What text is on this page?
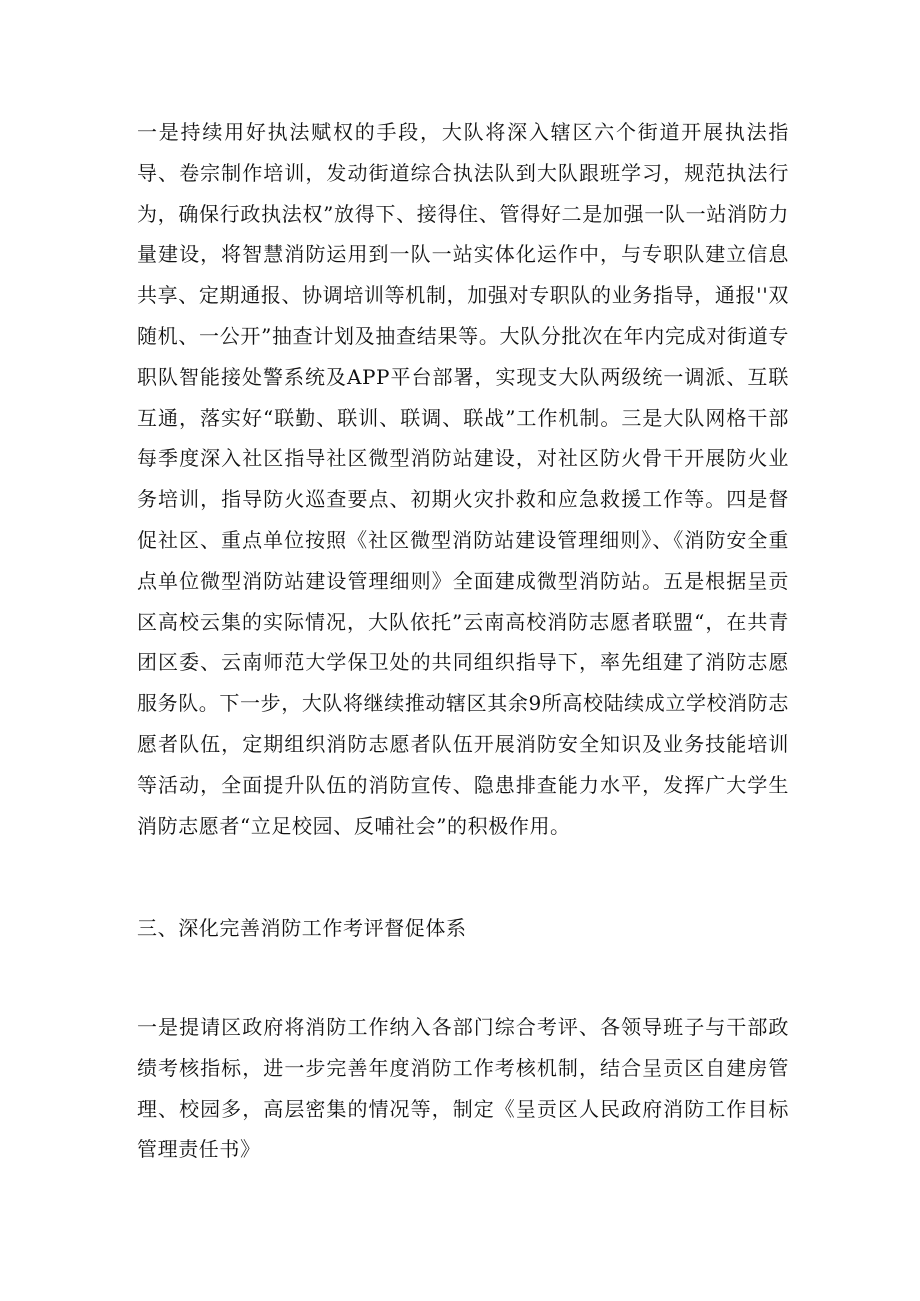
一是持续用好执法赋权的手段，大队将深入辖区六个街道开展执法指导、卷宗制作培训，发动街道综合执法队到大队跟班学习，规范执法行为，确保行政执法权”放得下、接得住、管得好二是加强一队一站消防力量建设，将智慧消防运用到一队一站实体化运作中，与专职队建立信息共享、定期通报、协调培训等机制，加强对专职队的业务指导，通报''双随机、一公开”抽查计划及抽查结果等。大队分批次在年内完成对街道专职队智能接处警系统及APP平台部署，实现支大队两级统一调派、互联互通，落实好“联勤、联训、联调、联战”工作机制。三是大队网格干部每季度深入社区指导社区微型消防站建设，对社区防火骨干开展防火业务培训，指导防火巡查要点、初期火灾扑救和应急救援工作等。四是督促社区、重点单位按照《社区微型消防站建设管理细则》、《消防安全重点单位微型消防站建设管理细则》全面建成微型消防站。五是根据呈贡区高校云集的实际情况，大队依托”云南高校消防志愿者联盟“，在共青团区委、云南师范大学保卫处的共同组织指导下，率先组建了消防志愿服务队。下一步，大队将继续推动辖区其余9所高校陆续成立学校消防志愿者队伍，定期组织消防志愿者队伍开展消防安全知识及业务技能培训等活动，全面提升队伍的消防宣传、隐患排查能力水平，发挥广大学生消防志愿者“立足校园、反哺社会”的积极作用。

三、深化完善消防工作考评督促体系

一是提请区政府将消防工作纳入各部门综合考评、各领导班子与干部政绩考核指标，进一步完善年度消防工作考核机制，结合呈贡区自建房管理、校园多，高层密集的情况等，制定《呈贡区人民政府消防工作目标管理责任书》
